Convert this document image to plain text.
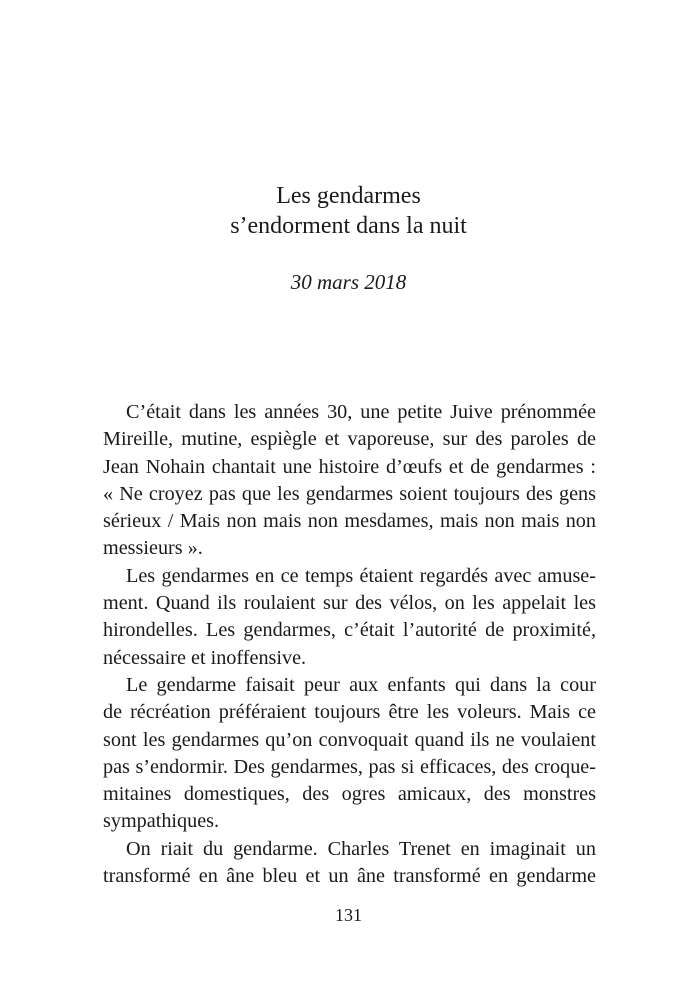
Les gendarmes
s’endorment dans la nuit
30 mars 2018
C’était dans les années 30, une petite Juive prénommée
Mireille, mutine, espiègle et vaporeuse, sur des paroles de
Jean Nohain chantait une histoire d’œufs et de gendarmes :
« Ne croyez pas que les gendarmes soient toujours des gens
sérieux / Mais non mais non mesdames, mais non mais non
messieurs ».
Les gendarmes en ce temps étaient regardés avec amuse-
ment. Quand ils roulaient sur des vélos, on les appelait les
hirondelles. Les gendarmes, c’était l’autorité de proximité,
nécessaire et inoffensive.
Le gendarme faisait peur aux enfants qui dans la cour
de récréation préféraient toujours être les voleurs. Mais ce
sont les gendarmes qu’on convoquait quand ils ne voulaient
pas s’endormir. Des gendarmes, pas si efficaces, des croque-
mitaines domestiques, des ogres amicaux, des monstres
sympathiques.
On riait du gendarme. Charles Trenet en imaginait un
transformé en âne bleu et un âne transformé en gendarme
131
